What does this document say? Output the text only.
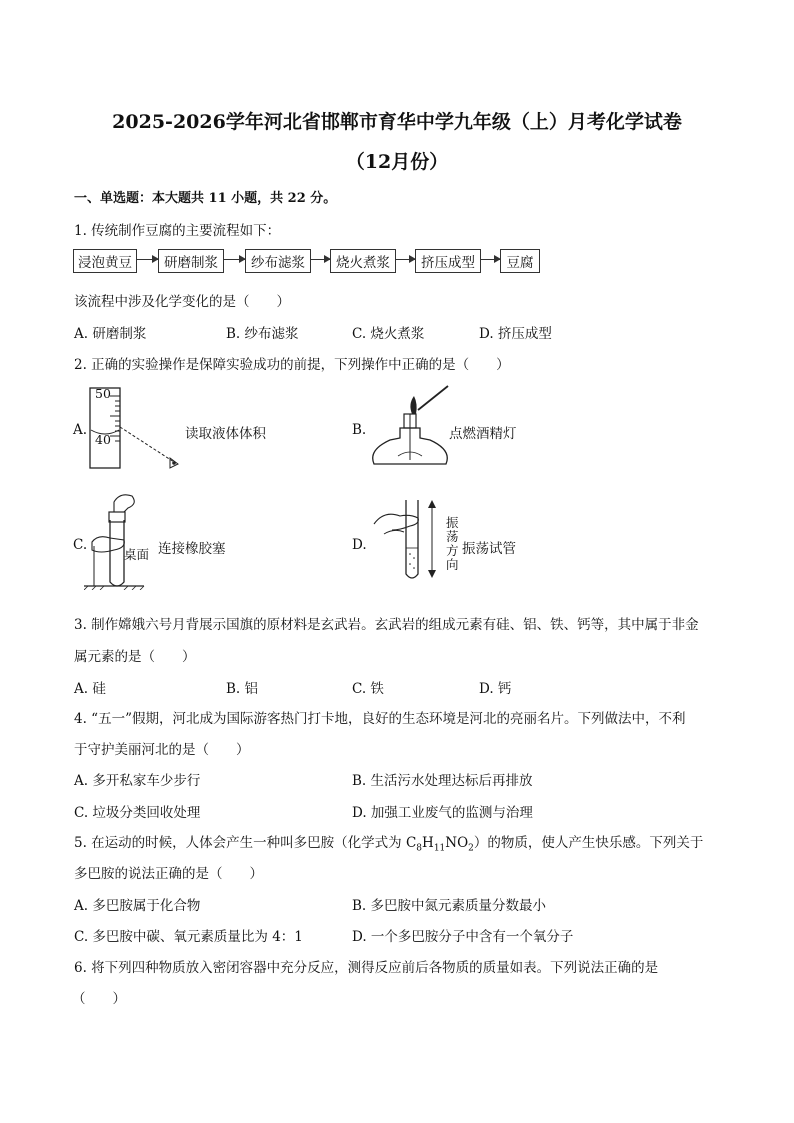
2025-2026学年河北省邯郸市育华中学九年级（上）月考化学试卷
（12月份）
一、单选题：本大题共 11 小题，共 22 分。
1. 传统制作豆腐的主要流程如下：
浸泡黄豆	研磨制浆	纱布滤浆	烧火煮浆	挤压成型	豆腐
该流程中涉及化学变化的是（　　）
A. 研磨制浆	B. 纱布滤浆	C. 烧火煮浆	D. 挤压成型
2. 正确的实验操作是保障实验成功的前提，下列操作中正确的是（　　）
A.
50
40	读取液体体积	B.	点燃酒精灯
C.
桌面 连接橡胶塞	D.
振荡方向
振荡试管
3. 制作嫦娥六号月背展示国旗的原材料是玄武岩。玄武岩的组成元素有硅、铝、铁、钙等，其中属于非金
属元素的是（　　）
A. 硅	B. 铝	C. 铁	D. 钙
4. “五一”假期，河北成为国际游客热门打卡地，良好的生态环境是河北的亮丽名片。下列做法中，不利
于守护美丽河北的是（　　）
A. 多开私家车少步行	B. 生活污水处理达标后再排放
C. 垃圾分类回收处理	D. 加强工业废气的监测与治理
5. 在运动的时候，人体会产生一种叫多巴胺（化学式为 $C_8H_{11}NO_2$）的物质，使人产生快乐感。下列关于
多巴胺的说法正确的是（　　）
A. 多巴胺属于化合物	B. 多巴胺中氮元素质量分数最小
C. 多巴胺中碳、氧元素质量比为 4：1	D. 一个多巴胺分子中含有一个氧分子
6. 将下列四种物质放入密闭容器中充分反应，测得反应前后各物质的质量如表。下列说法正确的是
（　　）
